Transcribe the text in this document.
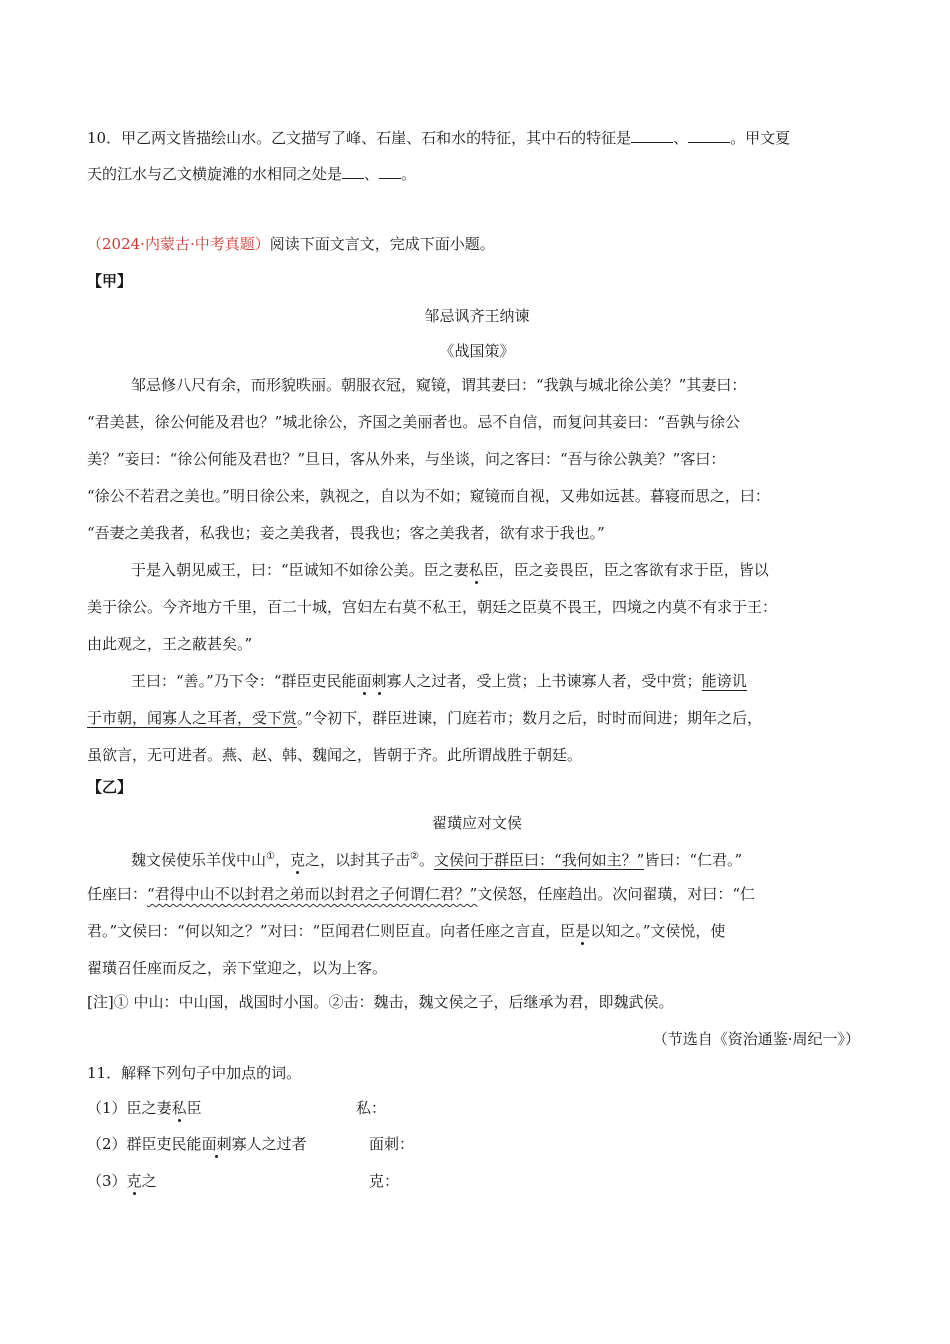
10．甲乙两文皆描绘山水。乙文描写了峰、石崖、石和水的特征，其中石的特征是	、	。甲文夏
天的江水与乙文横旋滩的水相同之处是 、 。
（2024·内蒙古·中考真题）阅读下面文言文，完成下面小题。
【甲】
邹忌讽齐王纳谏
《战国策》
邹忌修八尺有余，而形貌昳丽。朝服衣冠，窥镜，谓其妻曰：“我孰与城北徐公美？”其妻曰：
“君美甚，徐公何能及君也？”城北徐公，齐国之美丽者也。忌不自信，而复问其妾曰：“吾孰与徐公
美？”妾曰：“徐公何能及君也？”旦日，客从外来，与坐谈，问之客曰：“吾与徐公孰美？”客曰：
“徐公不若君之美也。”明日徐公来，孰视之，自以为不如；窥镜而自视，又弗如远甚。暮寝而思之，曰：
“吾妻之美我者，私我也；妾之美我者，畏我也；客之美我者，欲有求于我也。”
于是入朝见威王，曰：“臣诚知不如徐公美。臣之妻私臣，臣之妾畏臣，臣之客欲有求于臣，皆以
美于徐公。今齐地方千里，百二十城，宫妇左右莫不私王，朝廷之臣莫不畏王，四境之内莫不有求于王：
由此观之，王之蔽甚矣。”
王曰：“善。”乃下令：“群臣吏民能面刺寡人之过者，受上赏；上书谏寡人者，受中赏；能谤讥
于市朝，闻寡人之耳者，受下赏。”令初下，群臣进谏，门庭若市；数月之后，时时而间进；期年之后，
虽欲言，无可进者。燕、赵、韩、魏闻之，皆朝于齐。此所谓战胜于朝廷。
【乙】
翟璜应对文侯
魏文侯使乐羊伐中山①，克之，以封其子击②。文侯问于群臣曰：“我何如主？”皆曰：“仁君。”
任座曰：“君得中山不以封君之弟而以封君之子何谓仁君？”文侯怒，任座趋出。次问翟璜，对曰：“仁
君。”文侯曰：“何以知之？”对曰：“臣闻君仁则臣直。向者任座之言直，臣是以知之。”文侯悦，使
翟璜召任座而反之，亲下堂迎之，以为上客。
[注]① 中山：中山国，战国时小国。②击：魏击，魏文侯之子，后继承为君，即魏武侯。
（节选自《资治通鉴·周纪一》）
11．解释下列句子中加点的词。
（1）臣之妻私臣	私：
（2）群臣吏民能面刺寡人之过者	面刺：
（3）克之	克：
